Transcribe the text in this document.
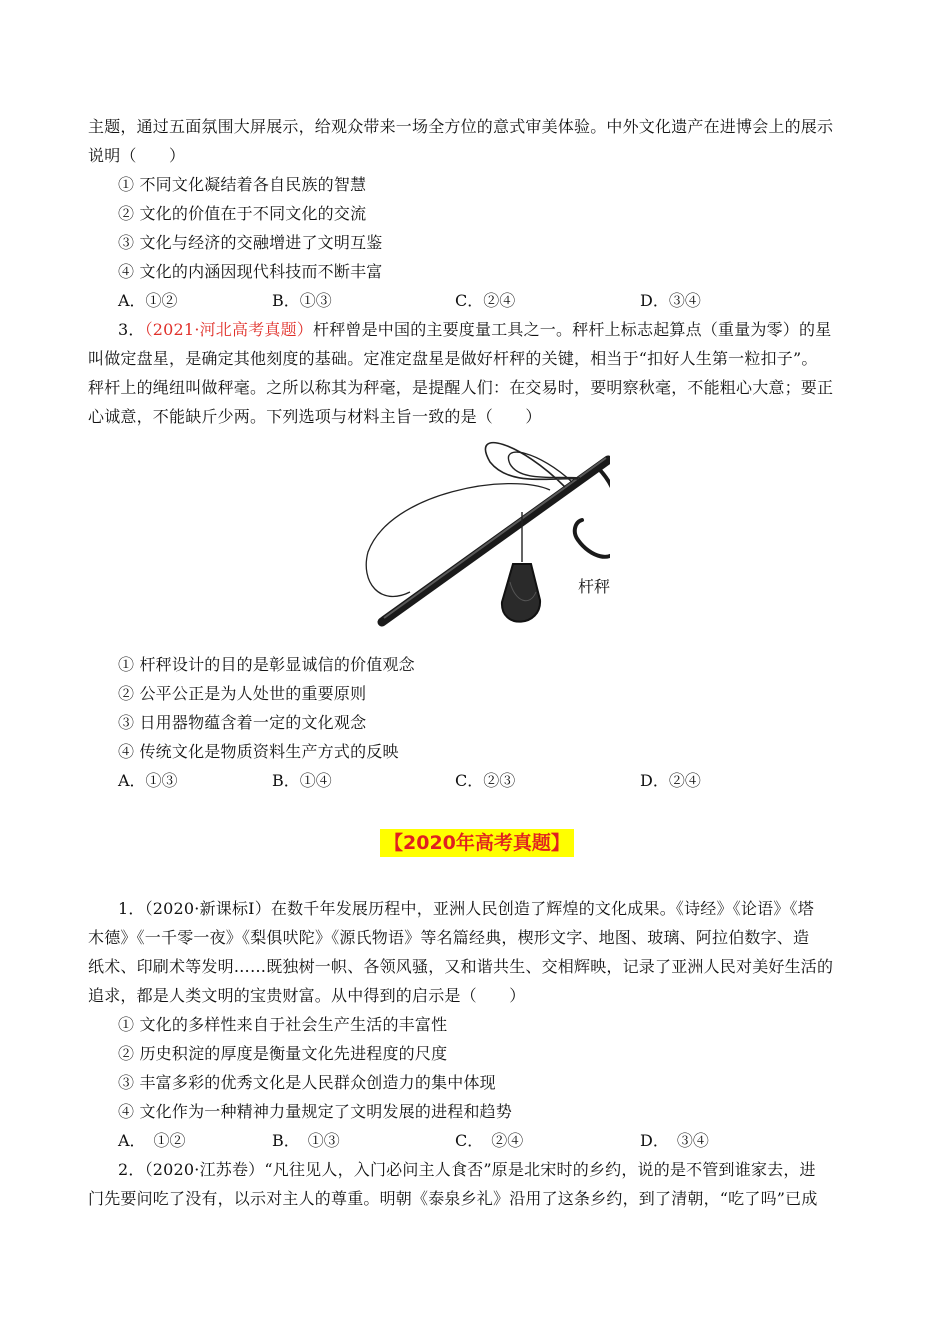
主题，通过五面氛围大屏展示，给观众带来一场全方位的意式审美体验。中外文化遗产在进博会上的展示
说明（　　）
① 不同文化凝结着各自民族的智慧
② 文化的价值在于不同文化的交流
③ 文化与经济的交融增进了文明互鉴
④ 文化的内涵因现代科技而不断丰富
A．①②	B．①③	C．②④	D．③④
3．（2021·河北高考真题）杆秤曾是中国的主要度量工具之一。秤杆上标志起算点（重量为零）的星
叫做定盘星，是确定其他刻度的基础。定准定盘星是做好杆秤的关键，相当于“扣好人生第一粒扣子”。
秤杆上的绳纽叫做秤毫。之所以称其为秤毫，是提醒人们：在交易时，要明察秋毫，不能粗心大意；要正
心诚意，不能缺斤少两。下列选项与材料主旨一致的是（　　）
杆秤
① 杆秤设计的目的是彰显诚信的价值观念
② 公平公正是为人处世的重要原则
③ 日用器物蕴含着一定的文化观念
④ 传统文化是物质资料生产方式的反映
A．①③	B．①④	C．②③	D．②④
【2020年高考真题】
1．（2020·新课标Ⅰ）在数千年发展历程中，亚洲人民创造了辉煌的文化成果。《诗经》《论语》《塔
木德》《一千零一夜》《梨俱吠陀》《源氏物语》等名篇经典，楔形文字、地图、玻璃、阿拉伯数字、造
纸术、印刷术等发明……既独树一帜、各领风骚，又和谐共生、交相辉映，记录了亚洲人民对美好生活的
追求，都是人类文明的宝贵财富。从中得到的启示是（　　）
① 文化的多样性来自于社会生产生活的丰富性
② 历史积淀的厚度是衡量文化先进程度的尺度
③ 丰富多彩的优秀文化是人民群众创造力的集中体现
④ 文化作为一种精神力量规定了文明发展的进程和趋势
A．　①②	B．　①③	C．　②④	D．　③④
2．（2020·江苏卷）“凡往见人，入门必问主人食否”原是北宋时的乡约，说的是不管到谁家去，进
门先要问吃了没有，以示对主人的尊重。明朝《泰泉乡礼》沿用了这条乡约，到了清朝，“吃了吗”已成
